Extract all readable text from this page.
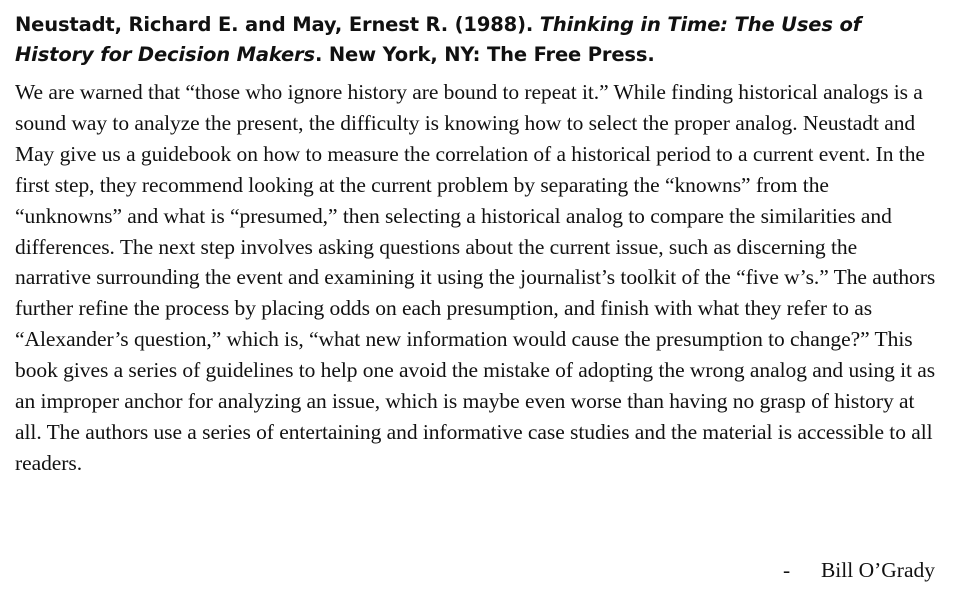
Neustadt, Richard E. and May, Ernest R. (1988). Thinking in Time: The Uses of History for Decision Makers. New York, NY: The Free Press.

We are warned that “those who ignore history are bound to repeat it.” While finding historical analogs is a sound way to analyze the present, the difficulty is knowing how to select the proper analog. Neustadt and May give us a guidebook on how to measure the correlation of a historical period to a current event. In the first step, they recommend looking at the current problem by separating the “knowns” from the “unknowns” and what is “presumed,” then selecting a historical analog to compare the similarities and differences. The next step involves asking questions about the current issue, such as discerning the narrative surrounding the event and examining it using the journalist’s toolkit of the “five w’s.” The authors further refine the process by placing odds on each presumption, and finish with what they refer to as “Alexander’s question,” which is, “what new information would cause the presumption to change?” This book gives a series of guidelines to help one avoid the mistake of adopting the wrong analog and using it as an improper anchor for analyzing an issue, which is maybe even worse than having no grasp of history at all. The authors use a series of entertaining and informative case studies and the material is accessible to all readers.

- Bill O’Grady
